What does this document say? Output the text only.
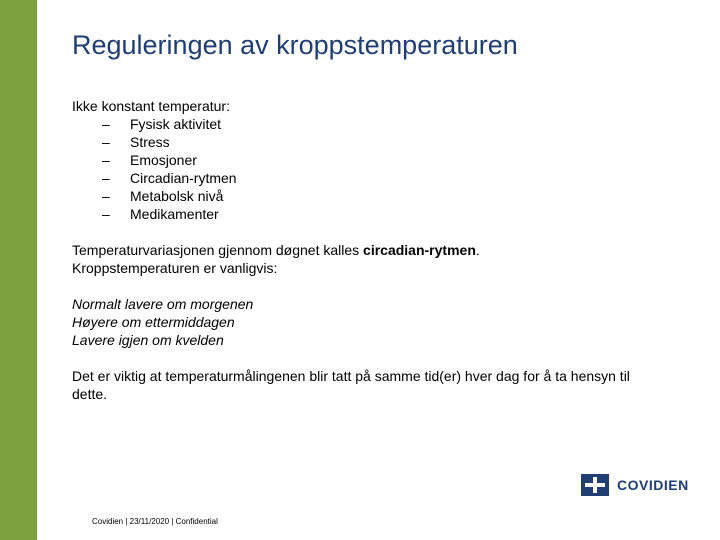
Reguleringen av kroppstemperaturen

Ikke konstant temperatur:

– Fysisk aktivitet
– Stress
– Emosjoner
– Circadian-rytmen
– Metabolsk nivå
– Medikamenter

Temperaturvariasjonen gjennom døgnet kalles circadian-rytmen.

Kroppstemperaturen er vanligvis:

Normalt lavere om morgenen

Høyere om ettermiddagen

Lavere igjen om kvelden

Det er viktig at temperaturmålingenen blir tatt på samme tid(er) hver dag for å ta hensyn til

dette.

COVIDIEN
Covidien | 23/11/2020 | Confidential
